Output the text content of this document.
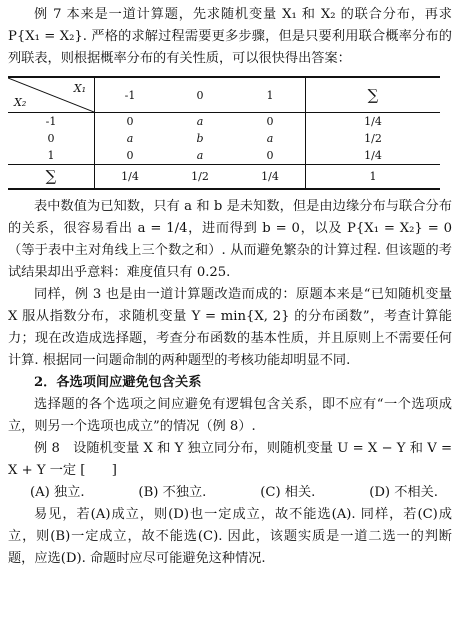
例 7 本来是一道计算题，先求随机变量 X₁ 和 X₂ 的联合分布，再求 P{X₁ = X₂}. 严格的求解过程需要更多步骤，但是只要利用联合概率分布的列联表，则根据概率分布的有关性质，可以很快得出答案：

X₁
X₂	-1	0	1	∑
-1	0	a	0	1/4
0	a	b	a	1/2
1	0	a	0	1/4
∑	1/4	1/2	1/4	1

表中数值为已知数，只有 a 和 b 是未知数，但是由边缘分布与联合分布的关系，很容易看出 a = 1/4，进而得到 b = 0，以及 P{X₁ = X₂} = 0（等于表中主对角线上三个数之和）. 从而避免繁杂的计算过程. 但该题的考试结果却出乎意料：难度值只有 0.25.

同样，例 3 也是由一道计算题改造而成的：原题本来是“已知随机变量 X 服从指数分布，求随机变量 Y = min{X, 2} 的分布函数”，考查计算能力；现在改造成选择题，考查分布函数的基本性质，并且原则上不需要任何计算. 根据同一问题命制的两种题型的考核功能却明显不同.

2．各选项间应避免包含关系

选择题的各个选项之间应避免有逻辑包含关系，即不应有“一个选项成立，则另一个选项也成立”的情况（例 8）.

例 8　设随机变量 X 和 Y 独立同分布，则随机变量 U = X − Y 和 V = X + Y 一定 [　　]

(A) 独立.	(B) 不独立.	(C) 相关.	(D) 不相关.

易见，若(A)成立，则(D)也一定成立，故不能选(A). 同样，若(C)成立，则(B)一定成立，故不能选(C). 因此，该题实质是一道二选一的判断题，应选(D). 命题时应尽可能避免这种情况.
